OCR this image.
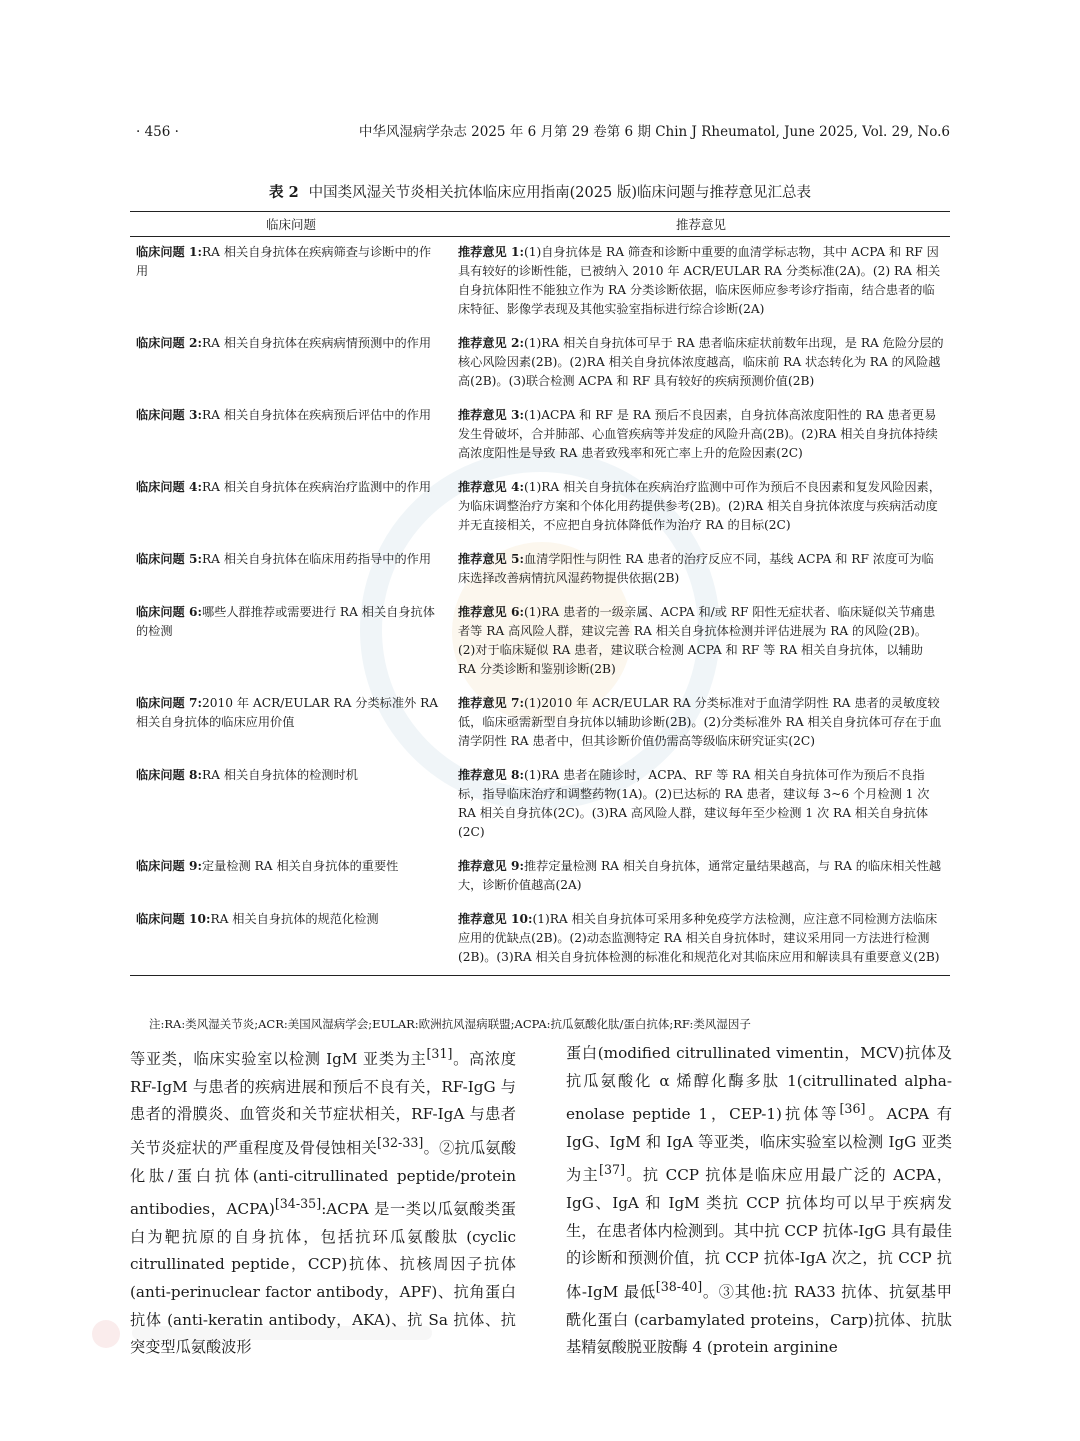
· 456 ·	中华风湿病学杂志 2025 年 6 月第 29 卷第 6 期 Chin J Rheumatol, June 2025, Vol. 29, No.6
表 2 中国类风湿关节炎相关抗体临床应用指南(2025 版)临床问题与推荐意见汇总表
临床问题	推荐意见
临床问题 1:RA 相关自身抗体在疾病筛查与诊断中的作用	推荐意见 1:(1)自身抗体是 RA 筛查和诊断中重要的血清学标志物，其中 ACPA 和 RF 因具有较好的诊断性能，已被纳入 2010 年 ACR/EULAR RA 分类标准(2A)。(2) RA 相关自身抗体阳性不能独立作为 RA 分类诊断依据，临床医师应参考诊疗指南，结合患者的临床特征、影像学表现及其他实验室指标进行综合诊断(2A)
临床问题 2:RA 相关自身抗体在疾病病情预测中的作用	推荐意见 2:(1)RA 相关自身抗体可早于 RA 患者临床症状前数年出现，是 RA 危险分层的核心风险因素(2B)。(2)RA 相关自身抗体浓度越高，临床前 RA 状态转化为 RA 的风险越高(2B)。(3)联合检测 ACPA 和 RF 具有较好的疾病预测价值(2B)
临床问题 3:RA 相关自身抗体在疾病预后评估中的作用	推荐意见 3:(1)ACPA 和 RF 是 RA 预后不良因素，自身抗体高浓度阳性的 RA 患者更易发生骨破坏，合并肺部、心血管疾病等并发症的风险升高(2B)。(2)RA 相关自身抗体持续高浓度阳性是导致 RA 患者致残率和死亡率上升的危险因素(2C)
临床问题 4:RA 相关自身抗体在疾病治疗监测中的作用	推荐意见 4:(1)RA 相关自身抗体在疾病治疗监测中可作为预后不良因素和复发风险因素，为临床调整治疗方案和个体化用药提供参考(2B)。(2)RA 相关自身抗体浓度与疾病活动度并无直接相关，不应把自身抗体降低作为治疗 RA 的目标(2C)
临床问题 5:RA 相关自身抗体在临床用药指导中的作用	推荐意见 5:血清学阳性与阴性 RA 患者的治疗反应不同，基线 ACPA 和 RF 浓度可为临床选择改善病情抗风湿药物提供依据(2B)
临床问题 6:哪些人群推荐或需要进行 RA 相关自身抗体的检测	推荐意见 6:(1)RA 患者的一级亲属、ACPA 和/或 RF 阳性无症状者、临床疑似关节痛患者等 RA 高风险人群，建议完善 RA 相关自身抗体检测并评估进展为 RA 的风险(2B)。(2)对于临床疑似 RA 患者，建议联合检测 ACPA 和 RF 等 RA 相关自身抗体，以辅助 RA 分类诊断和鉴别诊断(2B)
临床问题 7:2010 年 ACR/EULAR RA 分类标准外 RA 相关自身抗体的临床应用价值	推荐意见 7:(1)2010 年 ACR/EULAR RA 分类标准对于血清学阴性 RA 患者的灵敏度较低，临床亟需新型自身抗体以辅助诊断(2B)。(2)分类标准外 RA 相关自身抗体可存在于血清学阴性 RA 患者中，但其诊断价值仍需高等级临床研究证实(2C)
临床问题 8:RA 相关自身抗体的检测时机	推荐意见 8:(1)RA 患者在随诊时，ACPA、RF 等 RA 相关自身抗体可作为预后不良指标，指导临床治疗和调整药物(1A)。(2)已达标的 RA 患者，建议每 3~6 个月检测 1 次 RA 相关自身抗体(2C)。(3)RA 高风险人群，建议每年至少检测 1 次 RA 相关自身抗体(2C)
临床问题 9:定量检测 RA 相关自身抗体的重要性	推荐意见 9:推荐定量检测 RA 相关自身抗体，通常定量结果越高，与 RA 的临床相关性越大，诊断价值越高(2A)
临床问题 10:RA 相关自身抗体的规范化检测	推荐意见 10:(1)RA 相关自身抗体可采用多种免疫学方法检测，应注意不同检测方法临床应用的优缺点(2B)。(2)动态监测特定 RA 相关自身抗体时，建议采用同一方法进行检测(2B)。(3)RA 相关自身抗体检测的标准化和规范化对其临床应用和解读具有重要意义(2B)
注:RA:类风湿关节炎;ACR:美国风湿病学会;EULAR:欧洲抗风湿病联盟;ACPA:抗瓜氨酸化肽/蛋白抗体;RF:类风湿因子
等亚类，临床实验室以检测 IgM 亚类为主[31]。高浓度 RF-IgM 与患者的疾病进展和预后不良有关，RF-IgG 与患者的滑膜炎、血管炎和关节症状相关，RF-IgA 与患者关节炎症状的严重程度及骨侵蚀相关[32-33]。②抗瓜氨酸化肽/蛋白抗体(anti-citrullinated peptide/protein antibodies，ACPA)[34-35]:ACPA 是一类以瓜氨酸类蛋白为靶抗原的自身抗体，包括抗环瓜氨酸肽 (cyclic citrullinated peptide，CCP)抗体、抗核周因子抗体 (anti-perinuclear factor antibody，APF)、抗角蛋白抗体 (anti-keratin antibody，AKA)、抗 Sa 抗体、抗突变型瓜氨酸波形
蛋白(modified citrullinated vimentin，MCV)抗体及抗瓜氨酸化 α 烯醇化酶多肽 1(citrullinated alpha-enolase peptide 1，CEP-1)抗体等[36]。ACPA 有 IgG、IgM 和 IgA 等亚类，临床实验室以检测 IgG 亚类为主[37]。抗 CCP 抗体是临床应用最广泛的 ACPA，IgG、IgA 和 IgM 类抗 CCP 抗体均可以早于疾病发生，在患者体内检测到。其中抗 CCP 抗体-IgG 具有最佳的诊断和预测价值，抗 CCP 抗体-IgA 次之，抗 CCP 抗体-IgM 最低[38-40]。③其他:抗 RA33 抗体、抗氨基甲酰化蛋白 (carbamylated proteins，Carp)抗体、抗肽基精氨酸脱亚胺酶 4 (protein arginine
